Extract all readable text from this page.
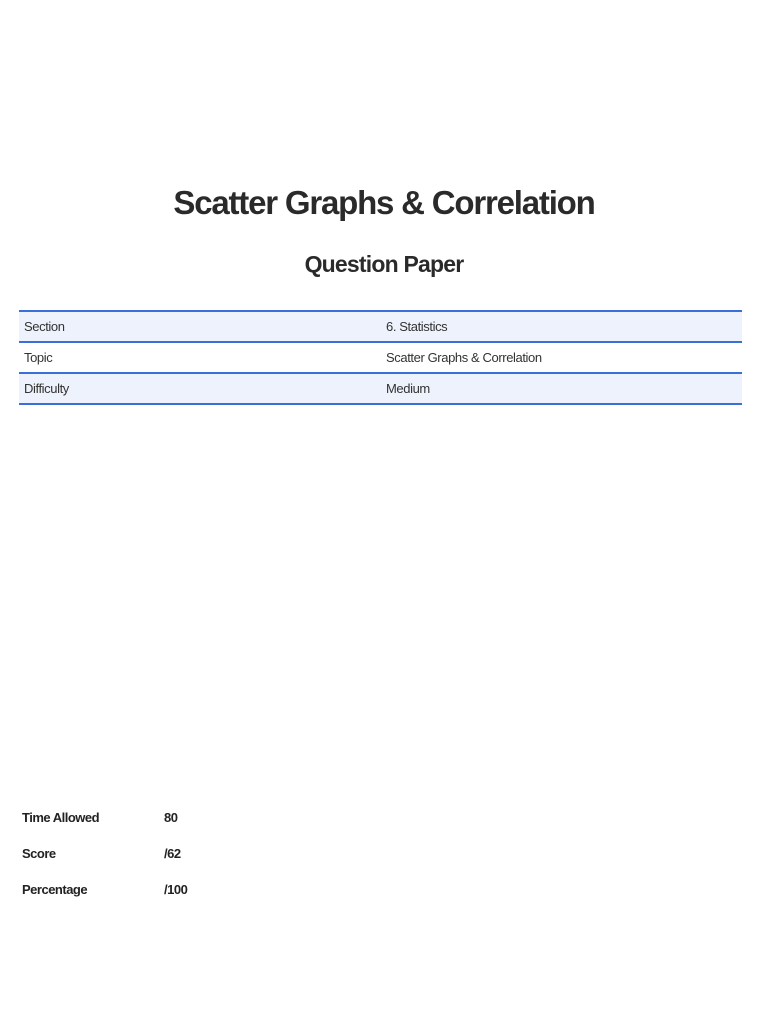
Scatter Graphs & Correlation
Question Paper
Section	6. Statistics
Topic	Scatter Graphs & Correlation
Difficulty	Medium
Time Allowed	80
Score	/62
Percentage	/100
